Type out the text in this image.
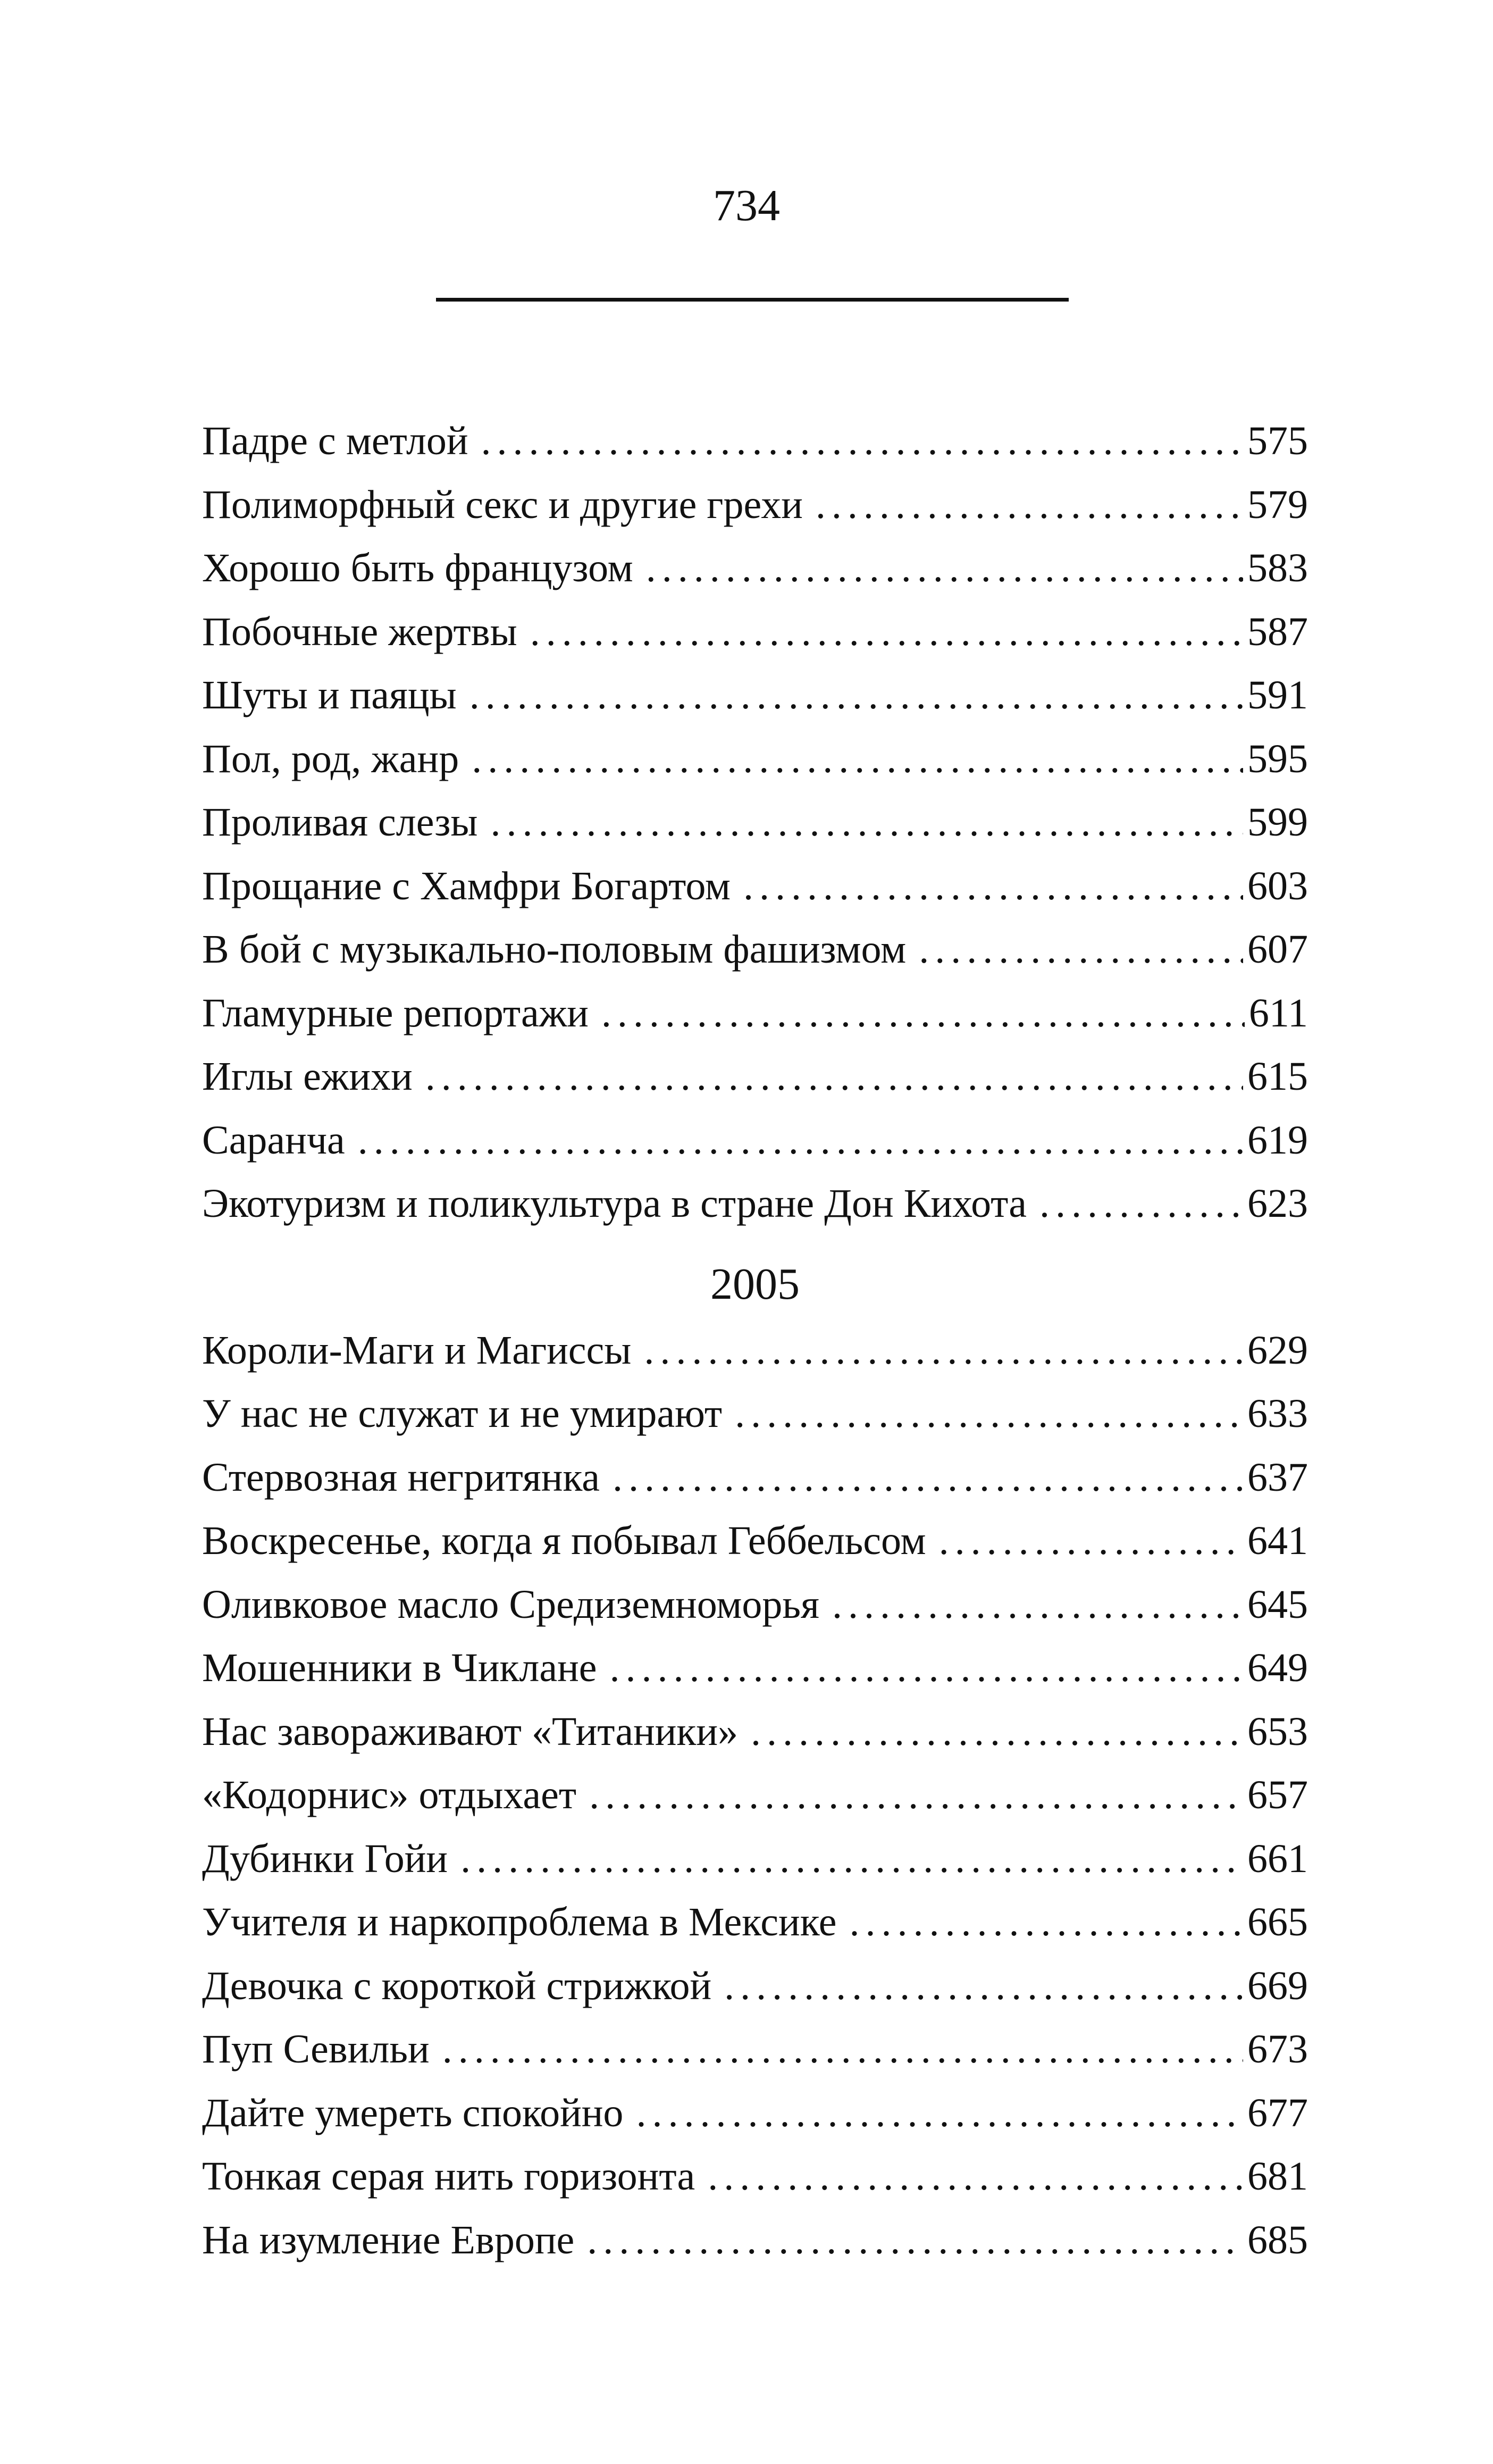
734
Падре с метлой . . .	575
Полиморфный секс и другие грехи . . .	579
Хорошо быть французом . . .	583
Побочные жертвы . . .	587
Шуты и паяцы . . .	591
Пол, род, жанр . . .	595
Проливая слезы . . .	599
Прощание с Хамфри Богартом . . .	603
В бой с музыкально-половым фашизмом . . .	607
Гламурные репортажи . . .	611
Иглы ежихи . . .	615
Саранча . . .	619
Экотуризм и поликультура в стране Дон Кихота . . .	623
2005
Короли-Маги и Магиссы . . .	629
У нас не служат и не умирают . . .	633
Стервозная негритянка . . .	637
Воскресенье, когда я побывал Геббельсом . . .	641
Оливковое масло Средиземноморья . . .	645
Мошенники в Чиклане . . .	649
Нас завораживают «Титаники» . . .	653
«Кодорнис» отдыхает . . .	657
Дубинки Гойи . . .	661
Учителя и наркопроблема в Мексике . . .	665
Девочка с короткой стрижкой . . .	669
Пуп Севильи . . .	673
Дайте умереть спокойно . . .	677
Тонкая серая нить горизонта . . .	681
На изумление Европе . . .	685
